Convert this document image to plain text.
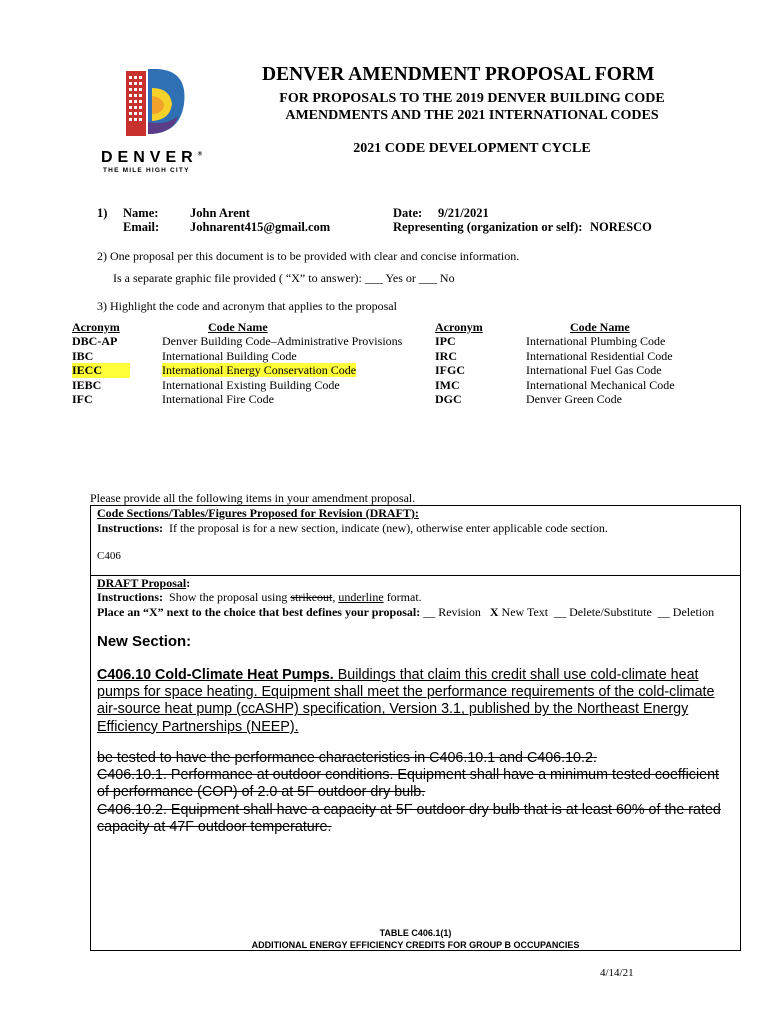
DENVER®
THE MILE HIGH CITY
DENVER AMENDMENT PROPOSAL FORM
FOR PROPOSALS TO THE 2019 DENVER BUILDING CODE
AMENDMENTS AND THE 2021 INTERNATIONAL CODES
2021 CODE DEVELOPMENT CYCLE
1) Name:	John Arent
Email: Johnarent415@gmail.com
Date: 9/21/2021
Representing (organization or self): NORESCO
2) One proposal per this document is to be provided with clear and concise information.
Is a separate graphic file provided ( “X” to answer): ___ Yes or ___ No
3) Highlight the code and acronym that applies to the proposal
Acronym
DBC-AP
IBC
IECC
IEBC
IFC
Code Name
Denver Building Code–Administrative Provisions
International Building Code
International Energy Conservation Code
International Existing Building Code
International Fire Code
Acronym
IPC
IRC
IFGC
IMC
DGC
Code Name
International Plumbing Code
International Residential Code
International Fuel Gas Code
International Mechanical Code
Denver Green Code
Please provide all the following items in your amendment proposal.
Code Sections/Tables/Figures Proposed for Revision (DRAFT):
Instructions: If the proposal is for a new section, indicate (new), otherwise enter applicable code section.
C406
DRAFT Proposal:
Instructions: Show the proposal using strikeout, underline format.
Place an “X” next to the choice that best defines your proposal: __ Revision X New Text __ Delete/Substitute __ Deletion
New Section:
C406.10 Cold-Climate Heat Pumps. Buildings that claim this credit shall use cold-climate heat pumps for space heating. Equipment shall meet the performance requirements of the cold-climate air-source heat pump (ccASHP) specification, Version 3.1, published by the Northeast Energy Efficiency Partnerships (NEEP).
be tested to have the performance characteristics in C406.10.1 and C406.10.2.
C406.10.1. Performance at outdoor conditions. Equipment shall have a minimum tested coefficient
of performance (COP) of 2.0 at 5F outdoor dry bulb.
C406.10.2. Equipment shall have a capacity at 5F outdoor dry bulb that is at least 60% of the rated
capacity at 47F outdoor temperature.
TABLE C406.1(1)
ADDITIONAL ENERGY EFFICIENCY CREDITS FOR GROUP B OCCUPANCIES
4/14/21
